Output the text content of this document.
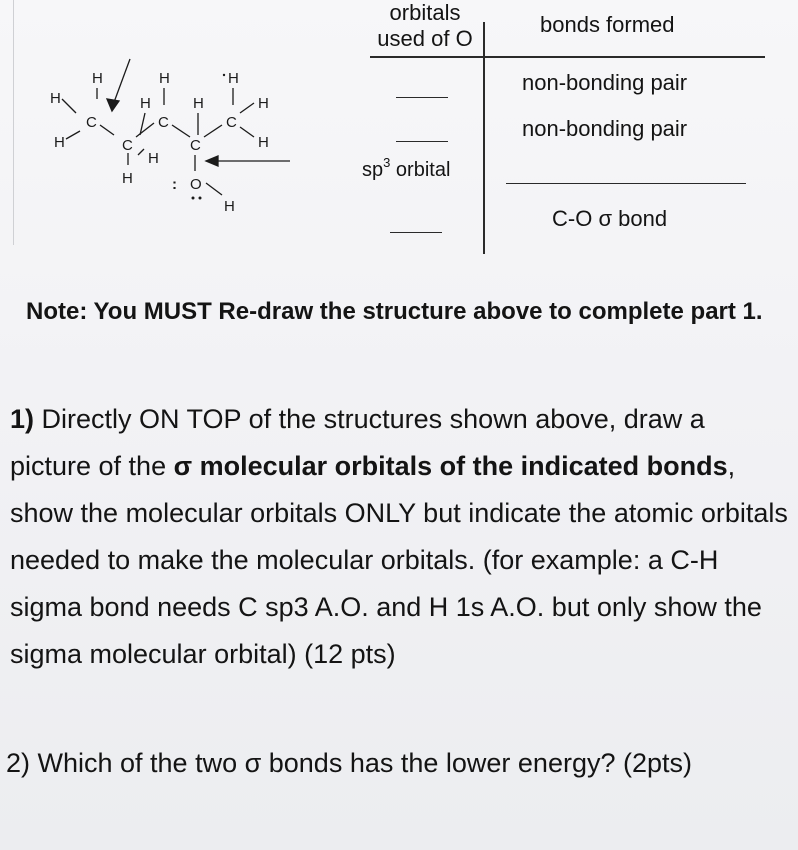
H
H
H
C
C
H
H
H
C
H
C
H
: O
H
C
H
H
H
orbitals
used of O
bonds formed
non-bonding pair
non-bonding pair
$sp^3$ orbital
C-O σ bond
Note: You MUST Re-draw the structure above to complete part 1.
1) Directly ON TOP of the structures shown above, draw a picture of the σ molecular orbitals of the indicated bonds, show the molecular orbitals ONLY but indicate the atomic orbitals needed to make the molecular orbitals. (for example: a C-H sigma bond needs C sp3 A.O. and H 1s A.O. but only show the sigma molecular orbital) (12 pts)
2) Which of the two σ bonds has the lower energy? (2pts)
